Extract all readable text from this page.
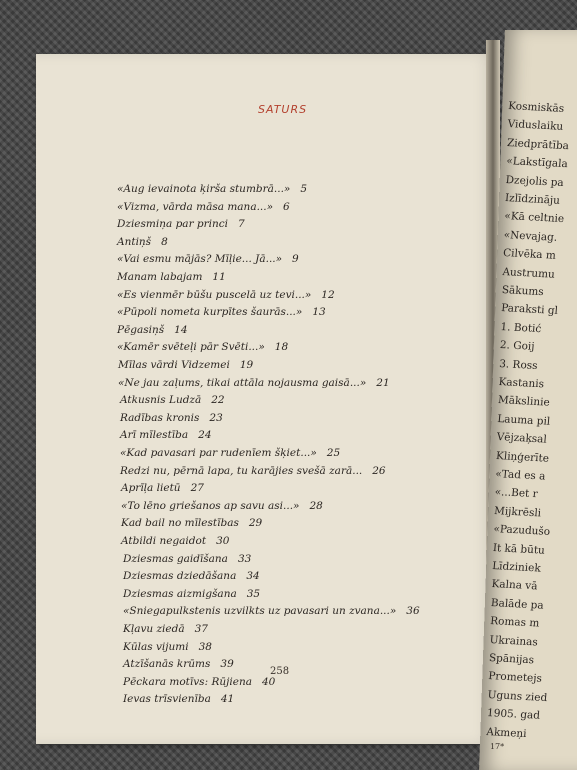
Kosmiskās
Viduslaiku
Ziedprātība
«Lakstīgala
Dzejolis pa
Izlīdzināju
«Kā celtnie
«Nevajag.
Cilvēka m
Austrumu
Sākums
Paraksti gl
1. Botić
2. Goij
3. Ross
Kastanis
Mākslinie
Lauma pil
Vējzaķsal
Kliņģerīte
«Tad es a
«...Bet r
Mijkrēsli
«Pazudušo
It kā būtu
Līdziniek
Kalna vā
Balāde pa
Romas m
Ukrainas
Spānijas
Prometejs
Uguns zied
1905. gad
Akmeņi
17*
SATURS
«Aug ievainota ķirša stumbrā...» 5
«Vizma, vārda māsa mana...» 6
Dziesmiņa par princi 7
Antiņš 8
«Vai esmu mājās? Mīļie... Jā...» 9
Manam labajam 11
«Es vienmēr būšu puscelā uz tevi...» 12
«Pūpoli nometa kurpītes šaurās...» 13
Pēgasiņš 14
«Kamēr svēteļi pār Svēti...» 18
Mīlas vārdi Vidzemei 19
«Ne jau zaļums, tikai attāla nojausma gaisā...» 21
Atkusnis Ludzā 22
Radības kronis 23
Arī mīlestība 24
«Kad pavasari par rudenīem šķiet...» 25
Redzi nu, pērnā lapa, tu karājies svešā zarā... 26
Aprīļa lietū 27
«To lēno griešanos ap savu asi...» 28
Kad bail no mīlestības 29
Atbildi negaidot 30
Dziesmas gaidīšana 33
Dziesmas dziedāšana 34
Dziesmas aizmigšana 35
«Sniegapulkstenis uzvilkts uz pavasari un zvana...» 36
Kļavu ziedā 37
Kūlas vijumi 38
Atzīšanās krūms 39
Pēckara motīvs: Rūjiena 40
Ievas trīsvienība 41
258
